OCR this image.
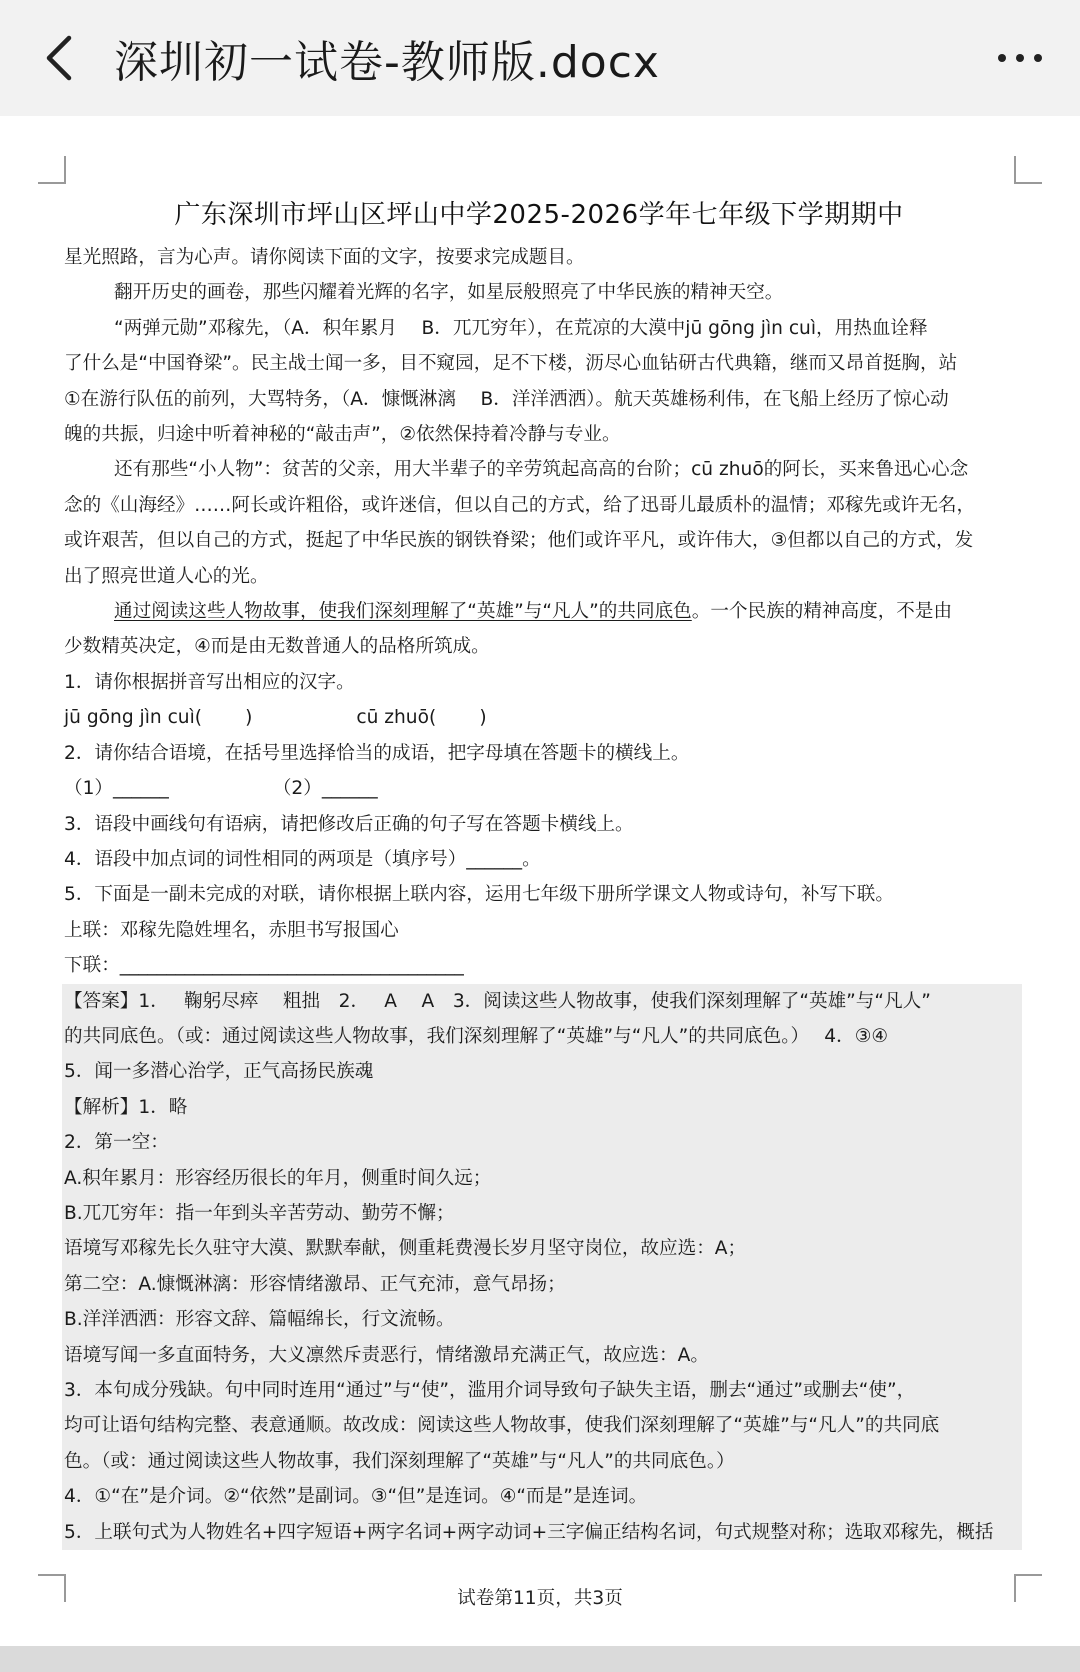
深圳初一试卷-教师版.docx
广东深圳市坪山区坪山中学2025-2026学年七年级下学期期中

星光照路，言为心声。请你阅读下面的文字，按要求完成题目。

翻开历史的画卷，那些闪耀着光辉的名字，如星辰般照亮了中华民族的精神天空。

“两弹元勋”邓稼先，（A．积年累月　 B．兀兀穷年），在荒凉的大漠中jū gōng jìn cuì，用热血诠释

了什么是“中国脊梁”。民主战士闻一多，目不窥园，足不下楼，沥尽心血钻研古代典籍，继而又昂首挺胸，站

①在游行队伍的前列，大骂特务，（A．慷慨淋漓　 B．洋洋洒洒）。航天英雄杨利伟，在飞船上经历了惊心动

魄的共振，归途中听着神秘的“敲击声”，②依然保持着冷静与专业。

还有那些“小人物”：贫苦的父亲，用大半辈子的辛劳筑起高高的台阶；cū zhuō的阿长，买来鲁迅心心念

念的《山海经》……阿长或许粗俗，或许迷信，但以自己的方式，给了迅哥儿最质朴的温情；邓稼先或许无名，

或许艰苦，但以自己的方式，挺起了中华民族的钢铁脊梁；他们或许平凡，或许伟大，③但都以自己的方式，发

出了照亮世道人心的光。

通过阅读这些人物故事，使我们深刻理解了“英雄”与“凡人”的共同底色。一个民族的精神高度，不是由

少数精英决定，④而是由无数普通人的品格所筑成。

1．请你根据拼音写出相应的汉字。

jū gōng jìn cuì(　　 )	cū zhuō(　　 )

2．请你结合语境，在括号里选择恰当的成语，把字母填在答题卡的横线上。

（1）______	（2）______

3．语段中画线句有语病，请把修改后正确的句子写在答题卡横线上。

4．语段中加点词的词性相同的两项是（填序号）______。

5．下面是一副未完成的对联，请你根据上联内容，运用七年级下册所学课文人物或诗句，补写下联。

上联：邓稼先隐姓埋名，赤胆书写报国心

下联：_____________________________________

【答案】1．　 鞠躬尽瘁　 粗拙　2．　 A　 A　3．阅读这些人物故事，使我们深刻理解了“英雄”与“凡人”

的共同底色。（或：通过阅读这些人物故事，我们深刻理解了“英雄”与“凡人”的共同底色。）　 4．③④

5．闻一多潜心治学，正气高扬民族魂

【解析】1．略

2．第一空：

A.积年累月：形容经历很长的年月，侧重时间久远；

B.兀兀穷年：指一年到头辛苦劳动、勤劳不懈；

语境写邓稼先长久驻守大漠、默默奉献，侧重耗费漫长岁月坚守岗位，故应选：A；

第二空：A.慷慨淋漓：形容情绪激昂、正气充沛，意气昂扬；

B.洋洋洒洒：形容文辞、篇幅绵长，行文流畅。

语境写闻一多直面特务，大义凛然斥责恶行，情绪激昂充满正气，故应选：A。

3．本句成分残缺。句中同时连用“通过”与“使”，滥用介词导致句子缺失主语，删去“通过”或删去“使”，

均可让语句结构完整、表意通顺。故改成：阅读这些人物故事，使我们深刻理解了“英雄”与“凡人”的共同底

色。（或：通过阅读这些人物故事，我们深刻理解了“英雄”与“凡人”的共同底色。）

4．①“在”是介词。②“依然”是副词。③“但”是连词。④“而是”是连词。

5．上联句式为人物姓名+四字短语+两字名词+两字动词+三字偏正结构名词，句式规整对称；选取邓稼先，概括

试卷第11页，共3页
